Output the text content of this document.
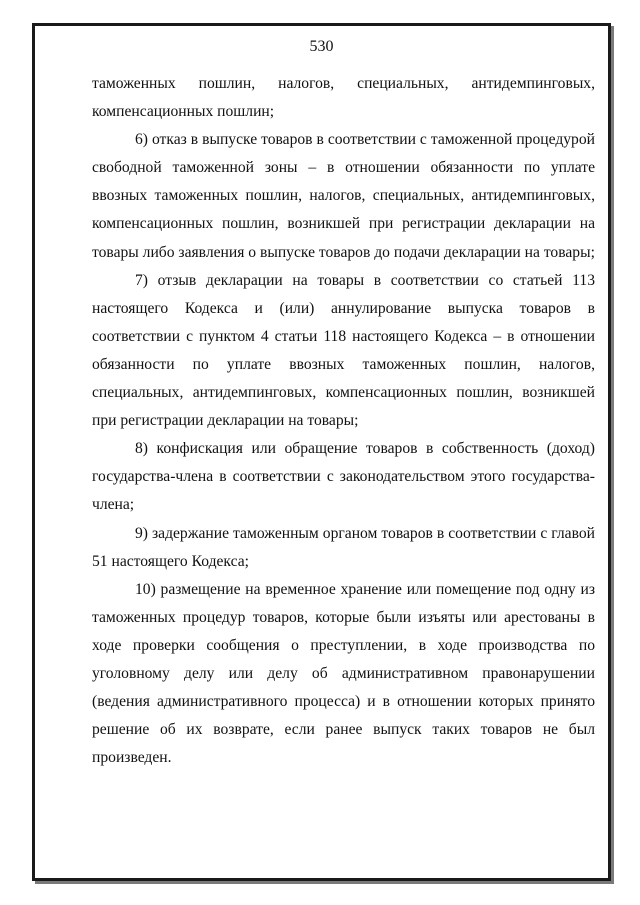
530

таможенных пошлин, налогов, специальных, антидемпинговых, компенсационных пошлин;

6) отказ в выпуске товаров в соответствии с таможенной процедурой свободной таможенной зоны – в отношении обязанности по уплате ввозных таможенных пошлин, налогов, специальных, антидемпинговых, компенсационных пошлин, возникшей при регистрации декларации на товары либо заявления о выпуске товаров до подачи декларации на товары;

7) отзыв декларации на товары в соответствии со статьей 113 настоящего Кодекса и (или) аннулирование выпуска товаров в соответствии с пунктом 4 статьи 118 настоящего Кодекса – в отношении обязанности по уплате ввозных таможенных пошлин, налогов, специальных, антидемпинговых, компенсационных пошлин, возникшей при регистрации декларации на товары;

8) конфискация или обращение товаров в собственность (доход) государства-члена в соответствии с законодательством этого государства-члена;

9) задержание таможенным органом товаров в соответствии с главой 51 настоящего Кодекса;

10) размещение на временное хранение или помещение под одну из таможенных процедур товаров, которые были изъяты или арестованы в ходе проверки сообщения о преступлении, в ходе производства по уголовному делу или делу об административном правонарушении (ведения административного процесса) и в отношении которых принято решение об их возврате, если ранее выпуск таких товаров не был произведен.
